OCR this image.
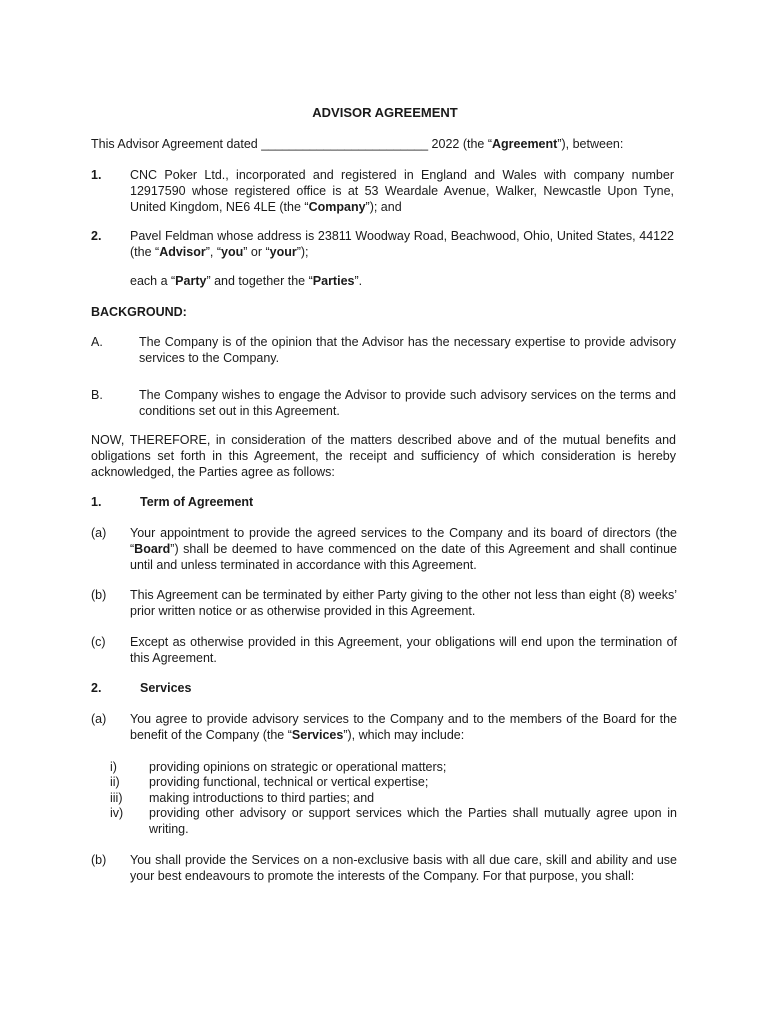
ADVISOR AGREEMENT
This Advisor Agreement dated ________________________ 2022 (the “Agreement”), between:
1. CNC Poker Ltd., incorporated and registered in England and Wales with company number 12917590 whose registered office is at 53 Weardale Avenue, Walker, Newcastle Upon Tyne, United Kingdom, NE6 4LE (the “Company”); and
2. Pavel Feldman whose address is 23811 Woodway Road, Beachwood, Ohio, United States, 44122 (the “Advisor”, “you” or “your”);
each a “Party” and together the “Parties”.
BACKGROUND:
A.	The Company is of the opinion that the Advisor has the necessary expertise to provide advisory services to the Company.
B.	The Company wishes to engage the Advisor to provide such advisory services on the terms and conditions set out in this Agreement.
NOW, THEREFORE, in consideration of the matters described above and of the mutual benefits and obligations set forth in this Agreement, the receipt and sufficiency of which consideration is hereby acknowledged, the Parties agree as follows:
1.	Term of Agreement
(a) Your appointment to provide the agreed services to the Company and its board of directors (the “Board”) shall be deemed to have commenced on the date of this Agreement and shall continue until and unless terminated in accordance with this Agreement.
(b) This Agreement can be terminated by either Party giving to the other not less than eight (8) weeks’ prior written notice or as otherwise provided in this Agreement.
(c) Except as otherwise provided in this Agreement, your obligations will end upon the termination of this Agreement.
2.	Services
(a) You agree to provide advisory services to the Company and to the members of the Board for the benefit of the Company (the “Services”), which may include:
i)	providing opinions on strategic or operational matters;
ii) providing functional, technical or vertical expertise;
iii) making introductions to third parties; and
iv) providing other advisory or support services which the Parties shall mutually agree upon in writing.
(b) You shall provide the Services on a non-exclusive basis with all due care, skill and ability and use your best endeavours to promote the interests of the Company. For that purpose, you shall:
